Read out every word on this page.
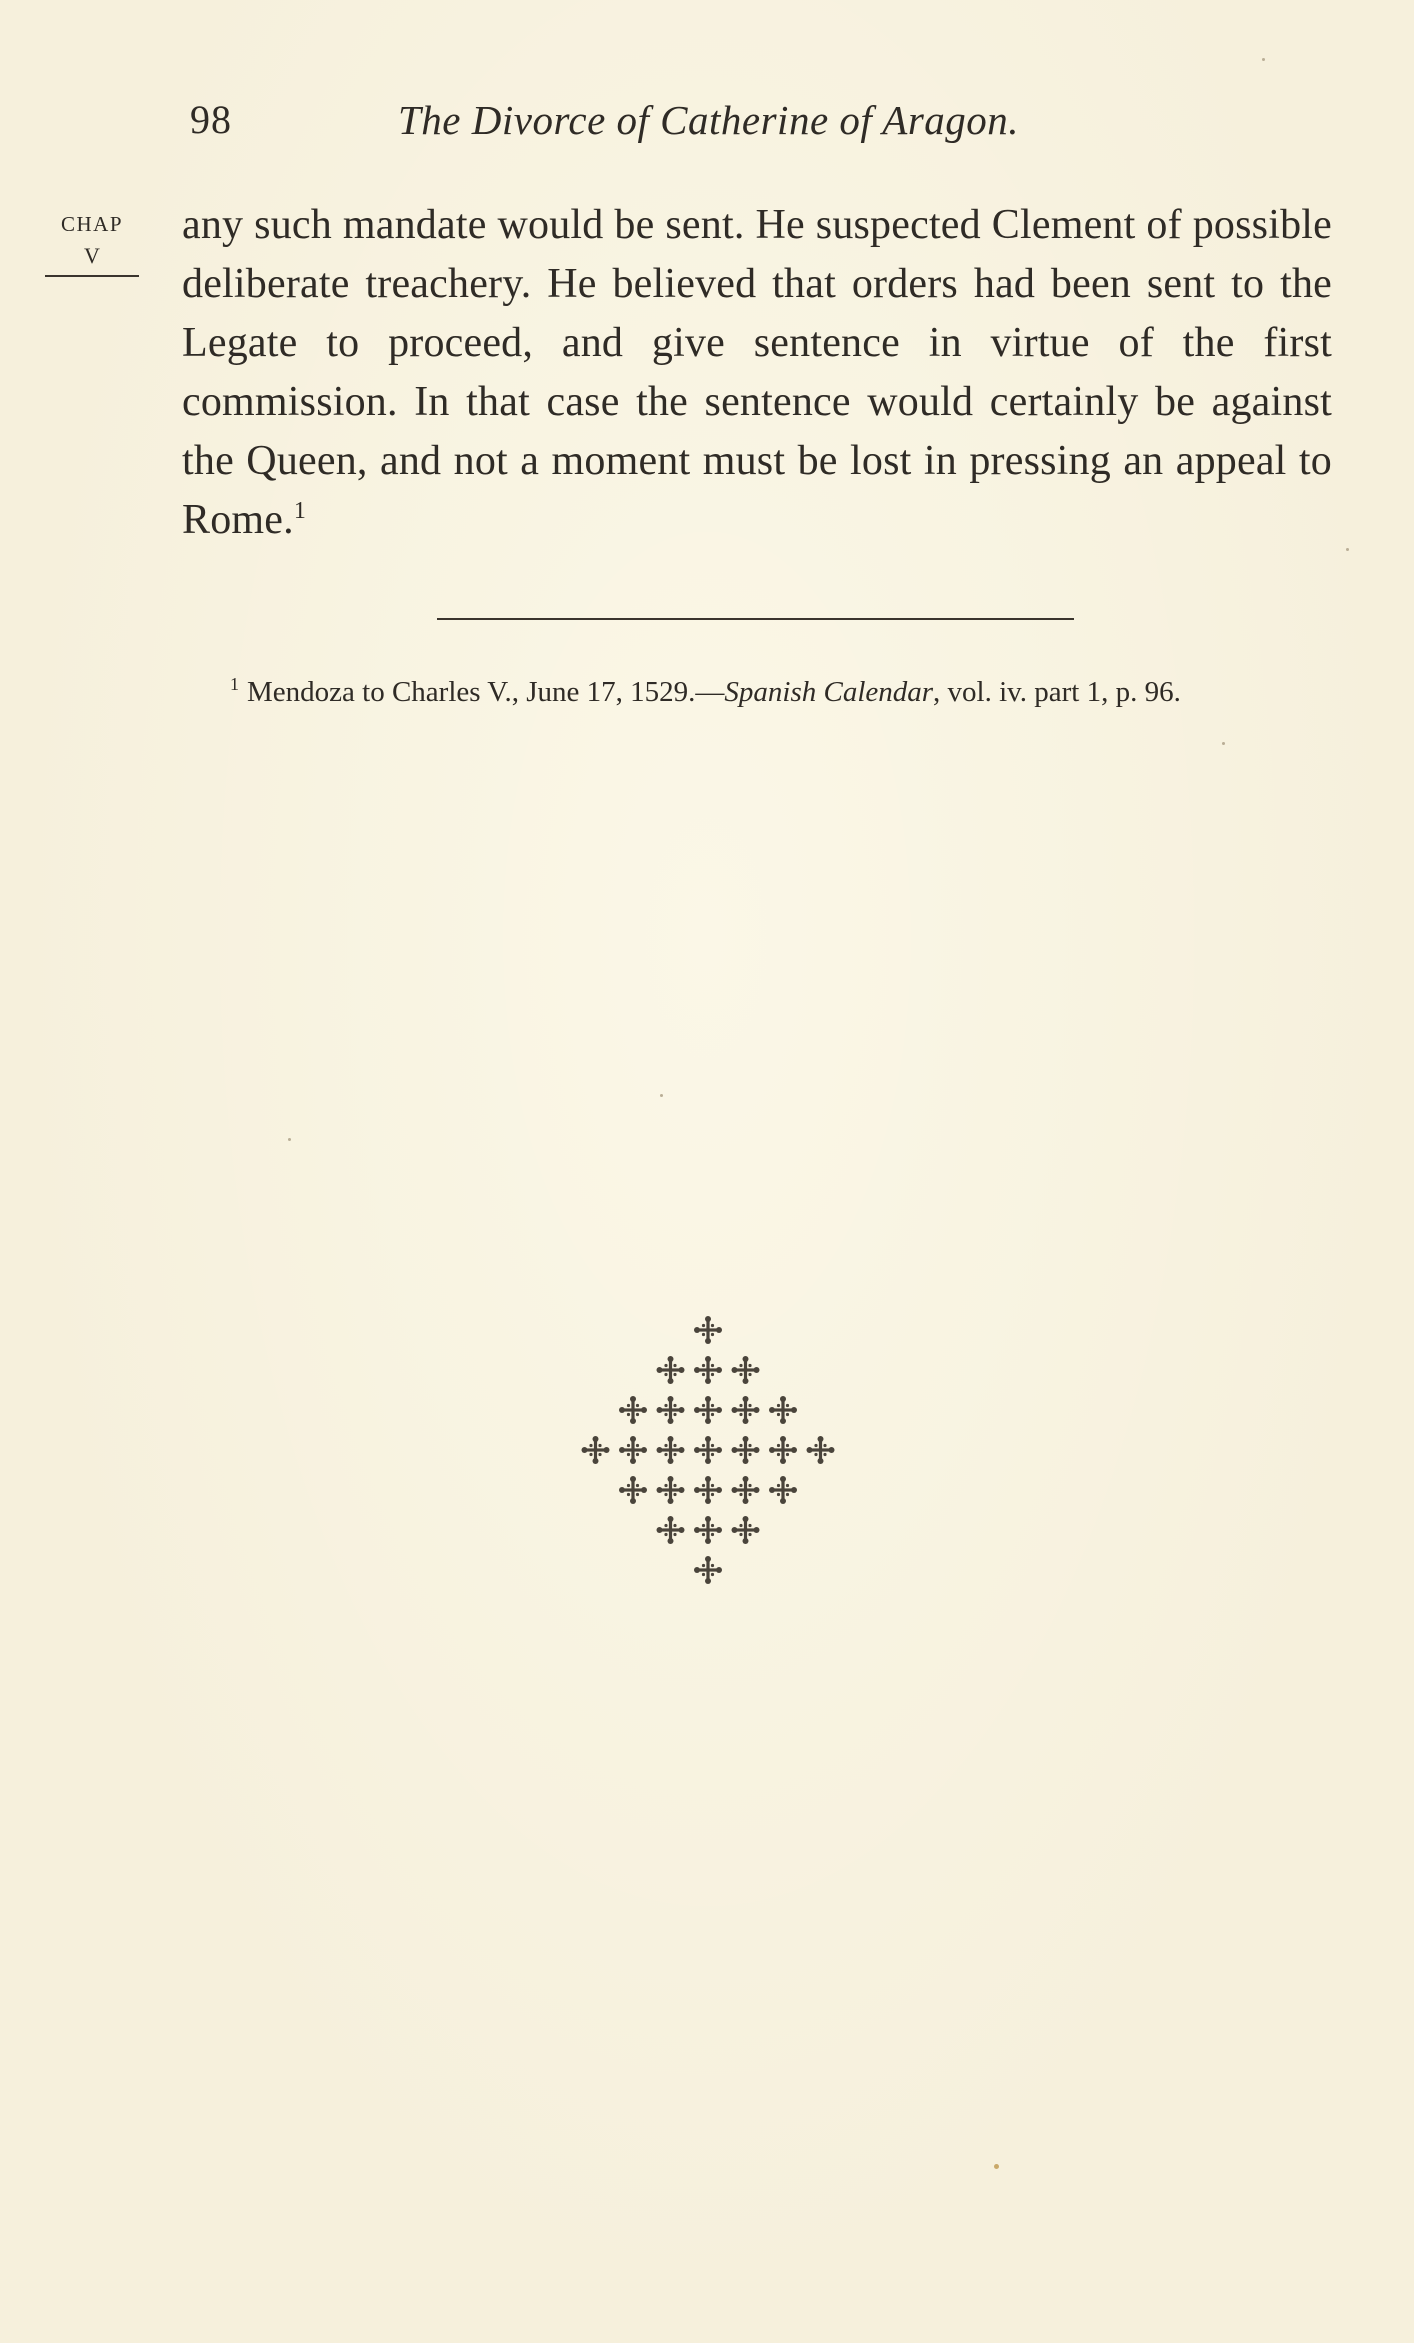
98	The Divorce of Catherine of Aragon.
CHAP
V
any such mandate would be sent. He suspected Clement of possible deliberate treachery. He believed that orders had been sent to the Legate to proceed, and give sentence in virtue of the first commission. In that case the sentence would certainly be against the Queen, and not a moment must be lost in pressing an appeal to Rome.$^1$
$^1$ Mendoza to Charles V., June 17, 1529.—Spanish Calendar, vol. iv. part 1, p. 96.
